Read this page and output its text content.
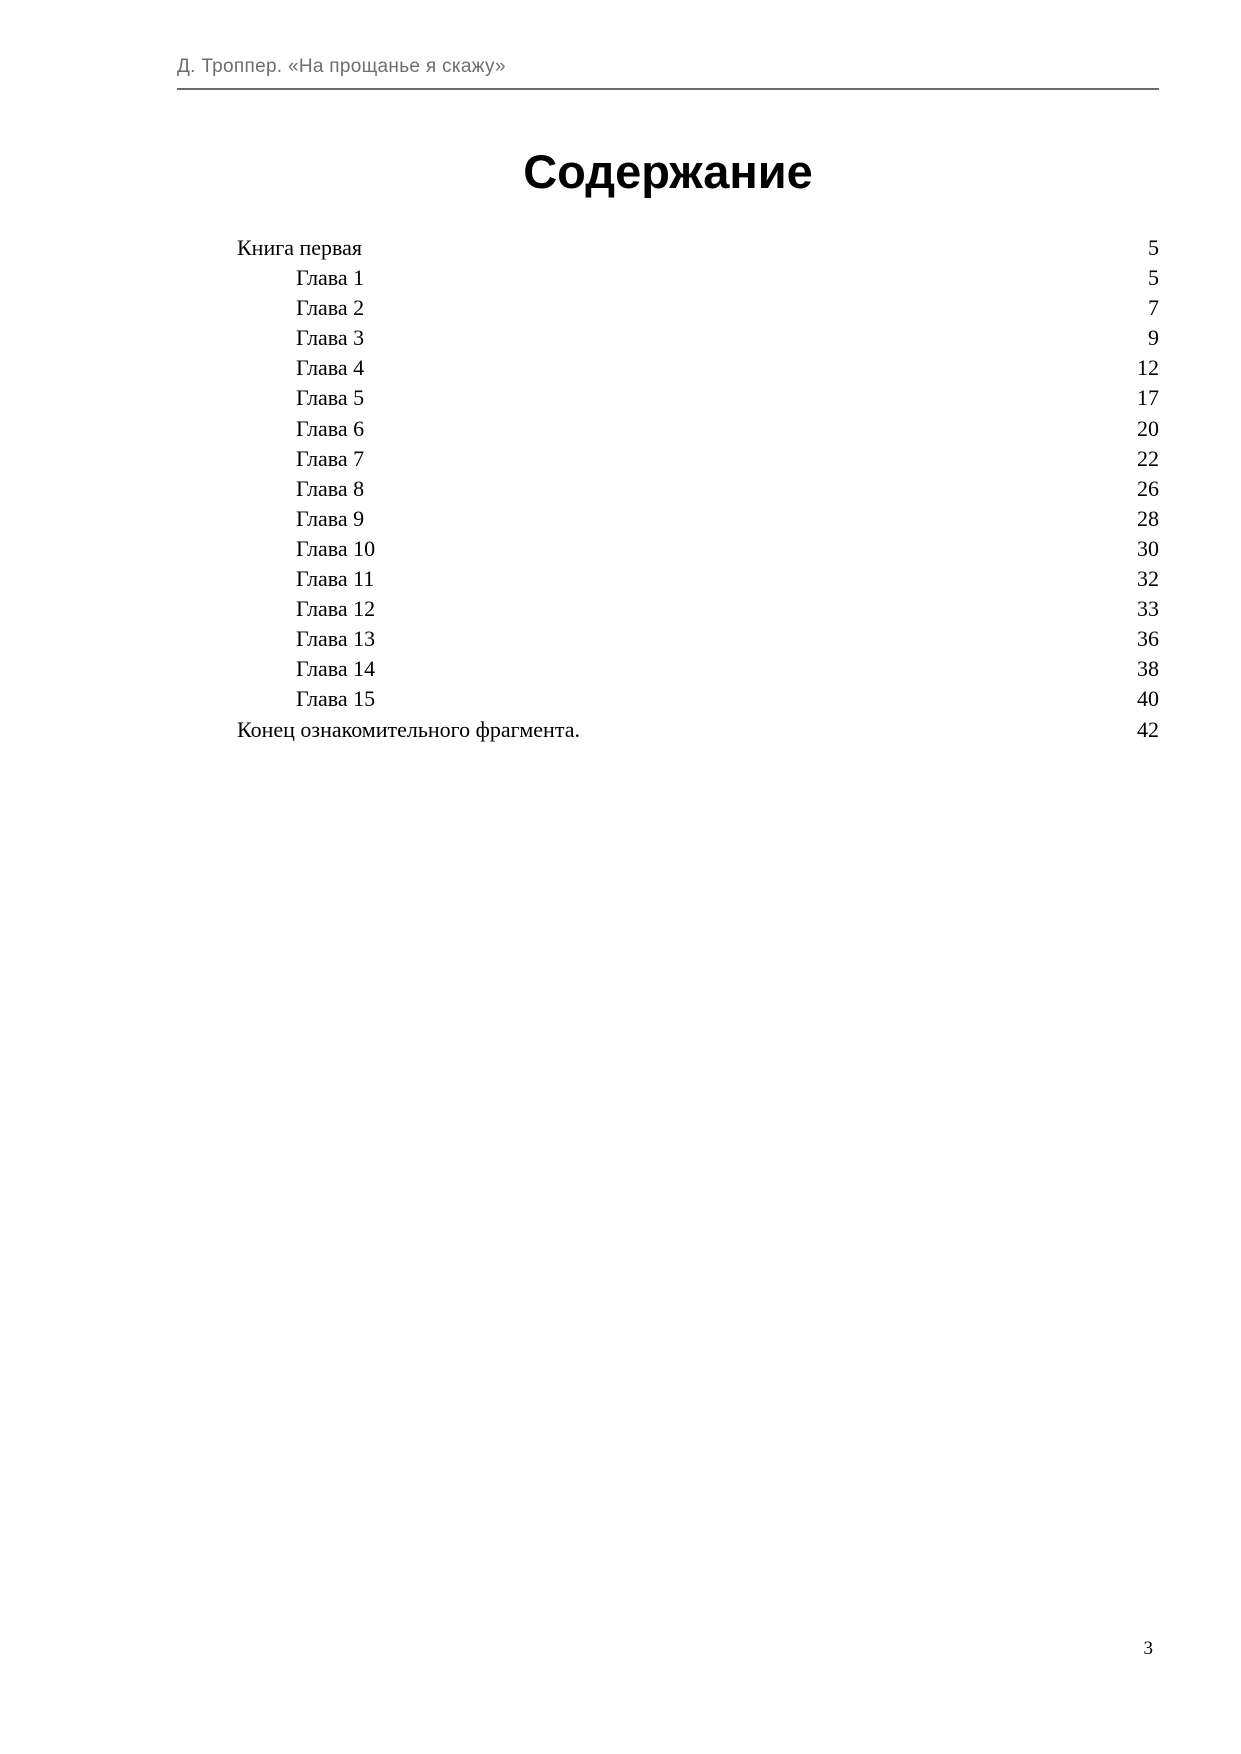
Д. Троппер. «На прощанье я скажу»
Содержание
Книга первая	5
Глава 1	5
Глава 2	7
Глава 3	9
Глава 4	12
Глава 5	17
Глава 6	20
Глава 7	22
Глава 8	26
Глава 9	28
Глава 10	30
Глава 11	32
Глава 12	33
Глава 13	36
Глава 14	38
Глава 15	40
Конец ознакомительного фрагмента.	42
3
